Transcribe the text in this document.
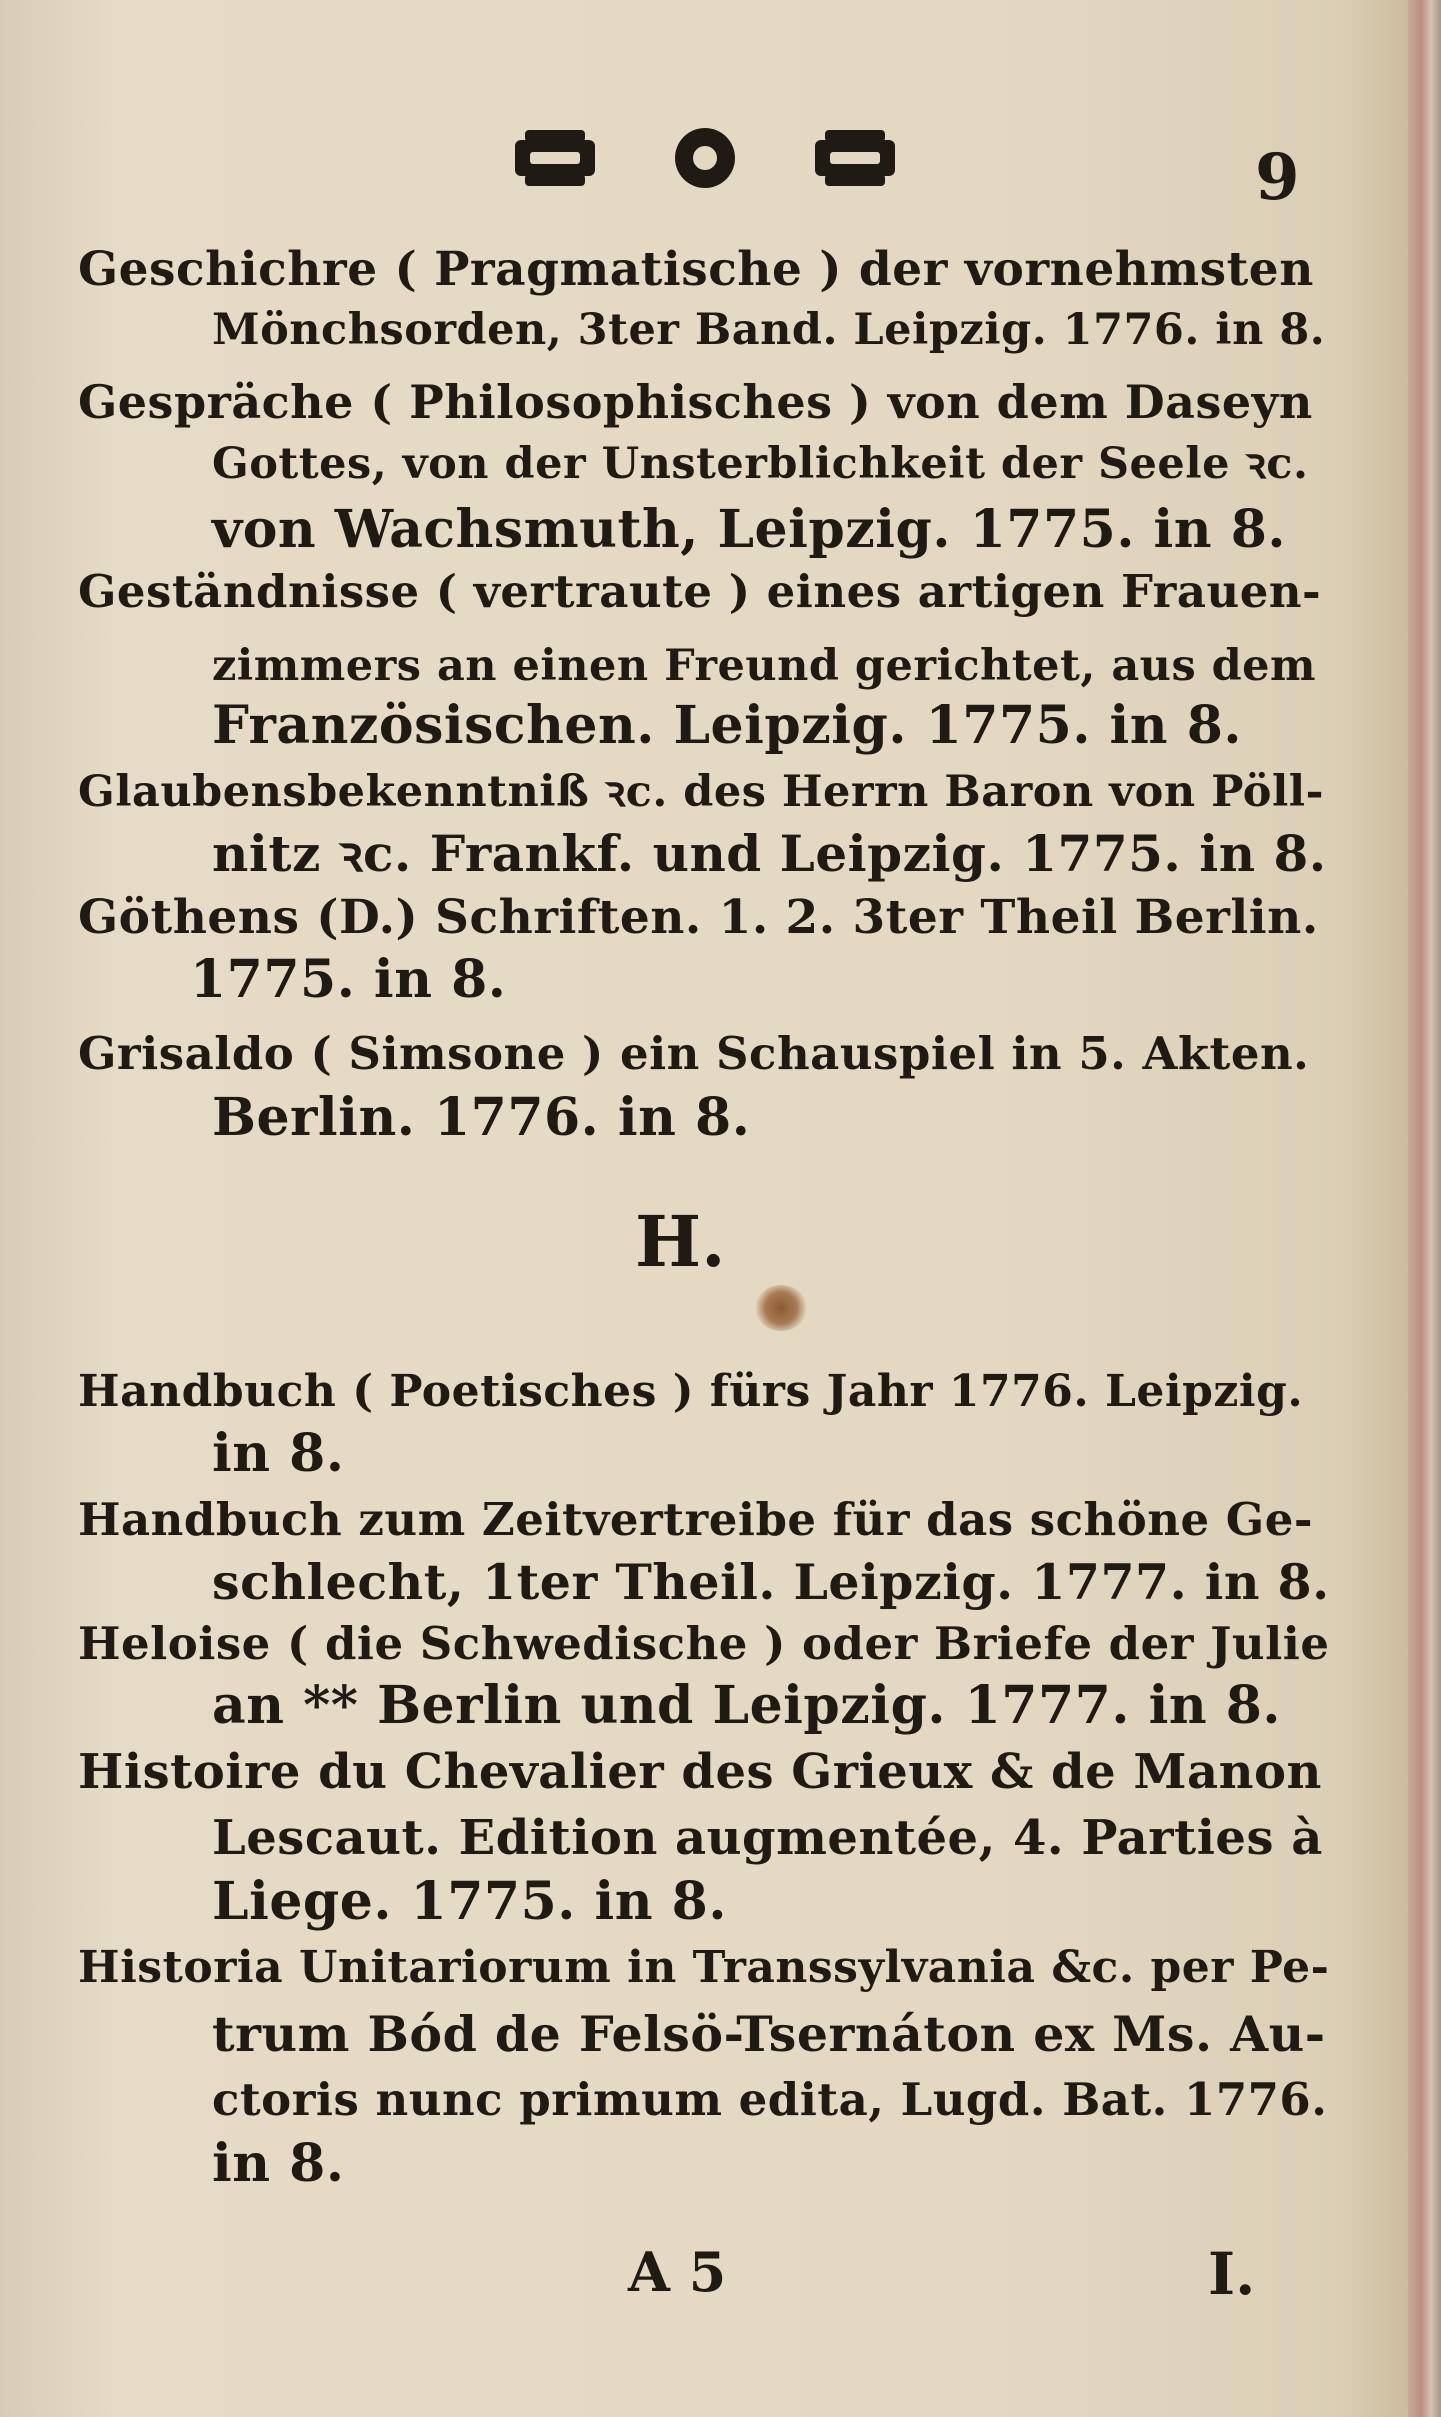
9
Geschichre ( Pragmatische ) der vornehmsten
Mönchsorden, 3ter Band. Leipzig. 1776. in 8.
Gespräche ( Philosophisches ) von dem Daseyn
Gottes, von der Unsterblichkeit der Seele ꝛc.
von Wachsmuth, Leipzig. 1775. in 8.
Geständnisse ( vertraute ) eines artigen Frauen-
zimmers an einen Freund gerichtet, aus dem
Französischen. Leipzig. 1775. in 8.
Glaubensbekenntniß ꝛc. des Herrn Baron von Pöll-
nitz ꝛc. Frankf. und Leipzig. 1775. in 8.
Göthens (D.) Schriften. 1. 2. 3ter Theil Berlin.
1775. in 8.
Grisaldo ( Simsone ) ein Schauspiel in 5. Akten.
Berlin. 1776. in 8.
H.
Handbuch ( Poetisches ) fürs Jahr 1776. Leipzig.
in 8.
Handbuch zum Zeitvertreibe für das schöne Ge-
schlecht, 1ter Theil. Leipzig. 1777. in 8.
Heloise ( die Schwedische ) oder Briefe der Julie
an ** Berlin und Leipzig. 1777. in 8.
Histoire du Chevalier des Grieux & de Manon
Lescaut. Edition augmentée, 4. Parties à
Liege. 1775. in 8.
Historia Unitariorum in Transsylvania &c. per Pe-
trum Bód de Felsö-Tsernáton ex Ms. Au-
ctoris nunc primum edita, Lugd. Bat. 1776.
in 8.
A 5	I.
